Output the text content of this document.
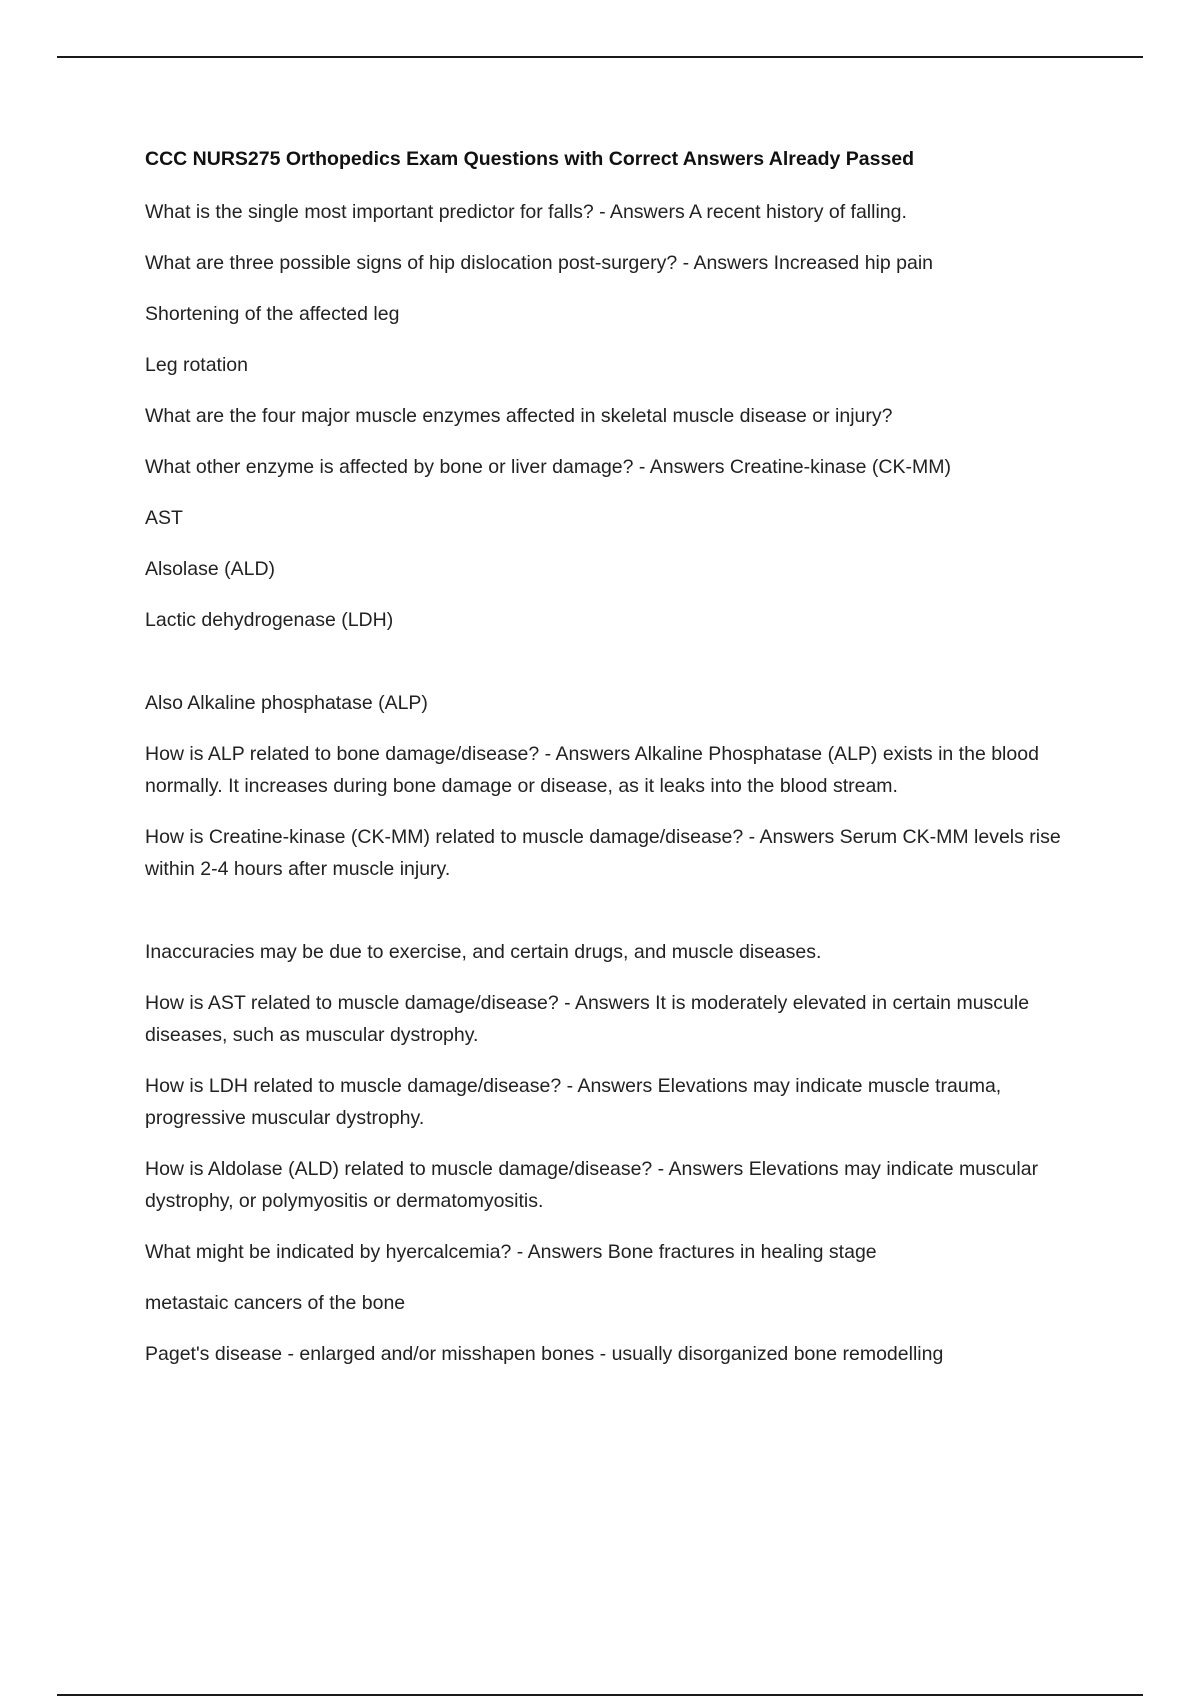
CCC NURS275 Orthopedics Exam Questions with Correct Answers Already Passed

What is the single most important predictor for falls? - Answers A recent history of falling.

What are three possible signs of hip dislocation post-surgery? - Answers Increased hip pain

Shortening of the affected leg

Leg rotation

What are the four major muscle enzymes affected in skeletal muscle disease or injury?

What other enzyme is affected by bone or liver damage? - Answers Creatine-kinase (CK-MM)

AST

Alsolase (ALD)

Lactic dehydrogenase (LDH)

Also Alkaline phosphatase (ALP)

How is ALP related to bone damage/disease? - Answers Alkaline Phosphatase (ALP) exists in the blood normally. It increases during bone damage or disease, as it leaks into the blood stream.

How is Creatine-kinase (CK-MM) related to muscle damage/disease? - Answers Serum CK-MM levels rise within 2-4 hours after muscle injury.

Inaccuracies may be due to exercise, and certain drugs, and muscle diseases.

How is AST related to muscle damage/disease? - Answers It is moderately elevated in certain muscule diseases, such as muscular dystrophy.

How is LDH related to muscle damage/disease? - Answers Elevations may indicate muscle trauma, progressive muscular dystrophy.

How is Aldolase (ALD) related to muscle damage/disease? - Answers Elevations may indicate muscular dystrophy, or polymyositis or dermatomyositis.

What might be indicated by hyercalcemia? - Answers Bone fractures in healing stage

metastaic cancers of the bone

Paget's disease - enlarged and/or misshapen bones - usually disorganized bone remodelling
